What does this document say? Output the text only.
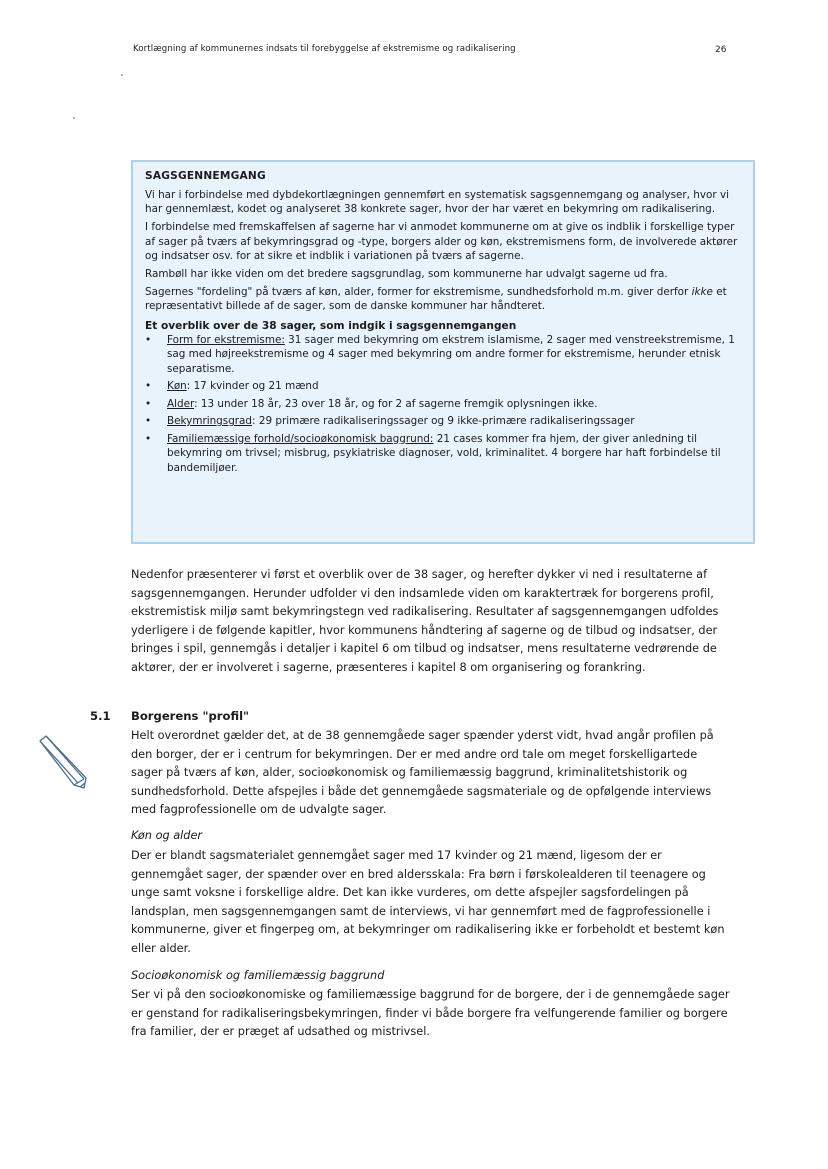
Kortlægning af kommunernes indsats til forebyggelse af ekstremisme og radikalisering	26
SAGSGENNEMGANG

Vi har i forbindelse med dybdekortlægningen gennemført en systematisk sagsgennemgang og analyser, hvor vi har gennemlæst, kodet og analyseret 38 konkrete sager, hvor der har været en bekymring om radikalisering.

I forbindelse med fremskaffelsen af sagerne har vi anmodet kommunerne om at give os indblik i forskellige typer af sager på tværs af bekymringsgrad og -type, borgers alder og køn, ekstremismens form, de involverede aktører og indsatser osv. for at sikre et indblik i variationen på tværs af sagerne.

Rambøll har ikke viden om det bredere sagsgrundlag, som kommunerne har udvalgt sagerne ud fra.

Sagernes "fordeling" på tværs af køn, alder, former for ekstremisme, sundhedsforhold m.m. giver derfor ikke et repræsentativt billede af de sager, som de danske kommuner har håndteret.

Et overblik over de 38 sager, som indgik i sagsgennemgangen
• Form for ekstremisme: 31 sager med bekymring om ekstrem islamisme, 2 sager med venstreekstremisme, 1 sag med højreekstremisme og 4 sager med bekymring om andre former for ekstremisme, herunder etnisk separatisme.
• Køn: 17 kvinder og 21 mænd
• Alder: 13 under 18 år, 23 over 18 år, og for 2 af sagerne fremgik oplysningen ikke.
• Bekymringsgrad: 29 primære radikaliseringssager og 9 ikke-primære radikaliseringssager
• Familiemæssige forhold/socioøkonomisk baggrund: 21 cases kommer fra hjem, der giver anledning til bekymring om trivsel; misbrug, psykiatriske diagnoser, vold, kriminalitet. 4 borgere har haft forbindelse til bandemiljøer.

Nedenfor præsenterer vi først et overblik over de 38 sager, og herefter dykker vi ned i resultaterne af sagsgennemgangen. Herunder udfolder vi den indsamlede viden om karaktertræk for borgerens profil, ekstremistisk miljø samt bekymringstegn ved radikalisering. Resultater af sagsgennemgangen udfoldes yderligere i de følgende kapitler, hvor kommunens håndtering af sagerne og de tilbud og indsatser, der bringes i spil, gennemgås i detaljer i kapitel 6 om tilbud og indsatser, mens resultaterne vedrørende de aktører, der er involveret i sagerne, præsenteres i kapitel 8 om organisering og forankring.

5.1 Borgerens "profil"

Helt overordnet gælder det, at de 38 gennemgåede sager spænder yderst vidt, hvad angår profilen på den borger, der er i centrum for bekymringen. Der er med andre ord tale om meget forskelligartede sager på tværs af køn, alder, socioøkonomisk og familiemæssig baggrund, kriminalitetshistorik og sundhedsforhold. Dette afspejles i både det gennemgåede sagsmateriale og de opfølgende interviews med fagprofessionelle om de udvalgte sager.

Køn og alder

Der er blandt sagsmaterialet gennemgået sager med 17 kvinder og 21 mænd, ligesom der er gennemgået sager, der spænder over en bred aldersskala: Fra børn i førskolealderen til teenagere og unge samt voksne i forskellige aldre. Det kan ikke vurderes, om dette afspejler sagsfordelingen på landsplan, men sagsgennemgangen samt de interviews, vi har gennemført med de fagprofessionelle i kommunerne, giver et fingerpeg om, at bekymringer om radikalisering ikke er forbeholdt et bestemt køn eller alder.

Socioøkonomisk og familiemæssig baggrund

Ser vi på den socioøkonomiske og familiemæssige baggrund for de borgere, der i de gennemgåede sager er genstand for radikaliseringsbekymringen, finder vi både borgere fra velfungerende familier og borgere fra familier, der er præget af udsathed og mistrivsel.
